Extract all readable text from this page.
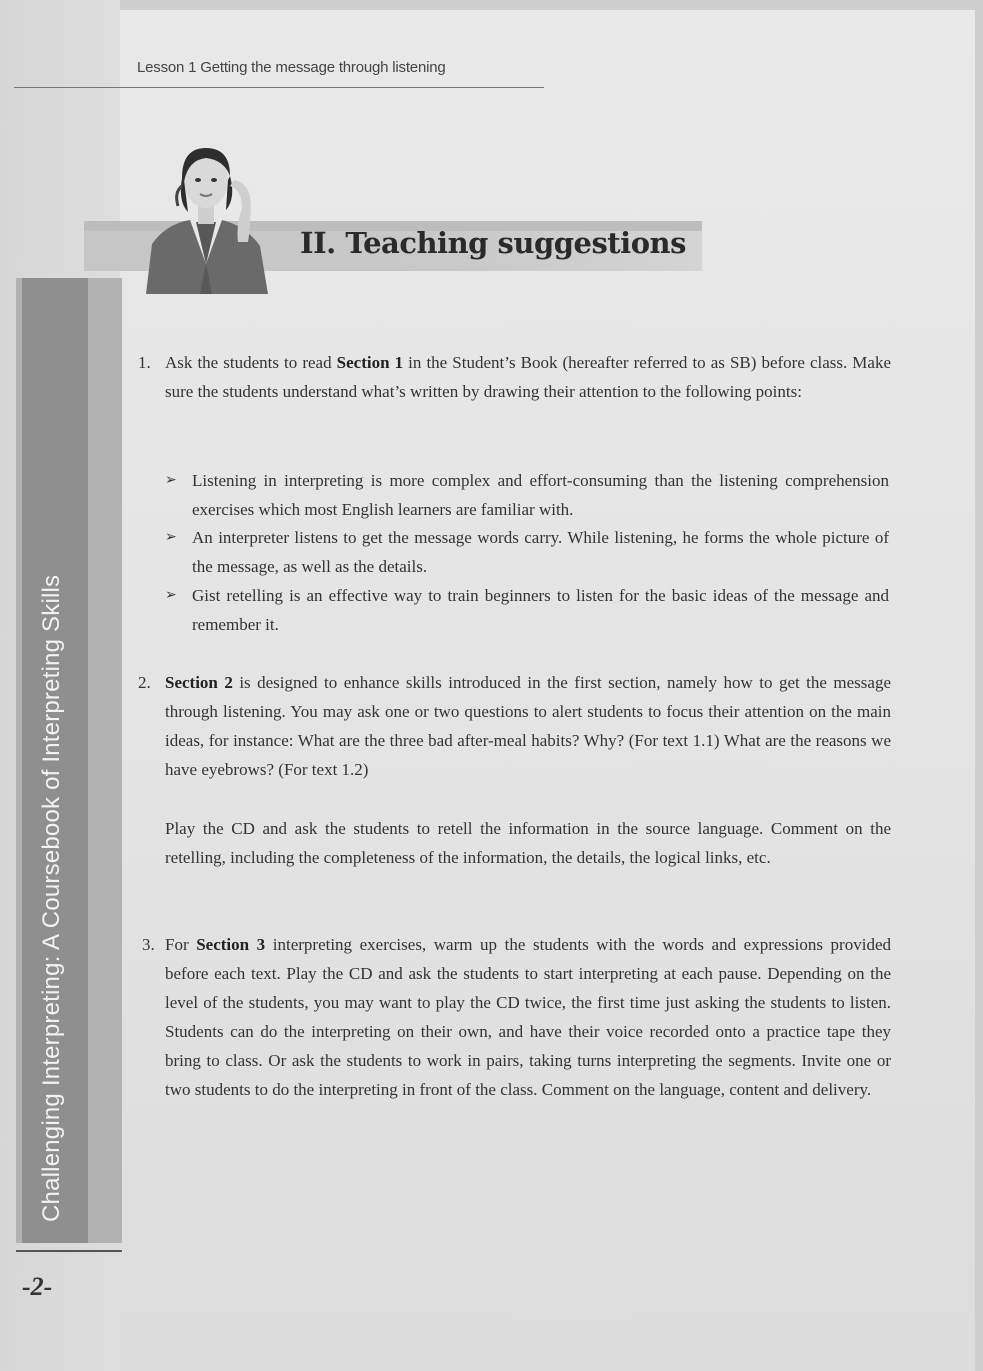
Challenging Interpreting: A Coursebook of Interpreting Skills
-2-
Lesson 1 Getting the message through listening
II. Teaching suggestions
1. Ask the students to read Section 1 in the Student’s Book (hereafter referred to as SB) before class. Make sure the students understand what’s written by drawing their attention to the following points:
➢ Listening in interpreting is more complex and effort-consuming than the listening comprehension exercises which most English learners are familiar with.
➢ An interpreter listens to get the message words carry. While listening, he forms the whole picture of the message, as well as the details.
➢ Gist retelling is an effective way to train beginners to listen for the basic ideas of the message and remember it.
2. Section 2 is designed to enhance skills introduced in the first section, namely how to get the message through listening. You may ask one or two questions to alert students to focus their attention on the main ideas, for instance: What are the three bad after-meal habits? Why? (For text 1.1) What are the reasons we have eyebrows? (For text 1.2)
Play the CD and ask the students to retell the information in the source language. Comment on the retelling, including the completeness of the information, the details, the logical links, etc.
3. For Section 3 interpreting exercises, warm up the students with the words and expressions provided before each text. Play the CD and ask the students to start interpreting at each pause. Depending on the level of the students, you may want to play the CD twice, the first time just asking the students to listen. Students can do the interpreting on their own, and have their voice recorded onto a practice tape they bring to class. Or ask the students to work in pairs, taking turns interpreting the segments. Invite one or two students to do the interpreting in front of the class. Comment on the language, content and delivery.
